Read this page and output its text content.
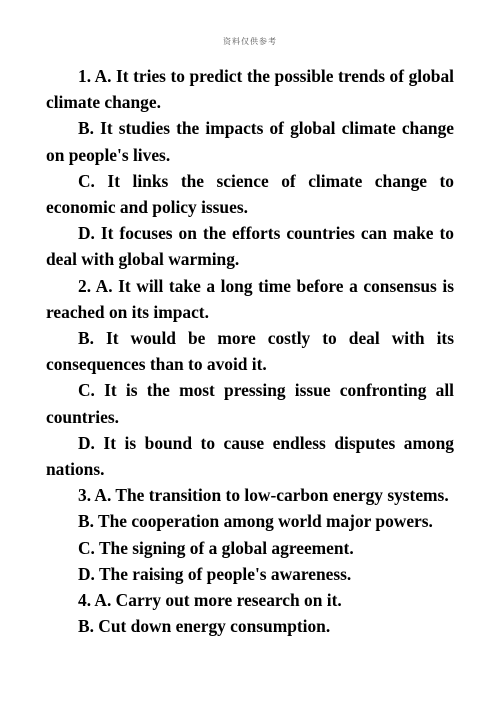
资料仅供参考

1. A. It tries to predict the possible trends of global climate change.

B. It studies the impacts of global climate change on people's lives.

C. It links the science of climate change to economic and policy issues.

D. It focuses on the efforts countries can make to deal with global warming.

2. A. It will take a long time before a consensus is reached on its impact.

B. It would be more costly to deal with its consequences than to avoid it.

C. It is the most pressing issue confronting all countries.

D. It is bound to cause endless disputes among nations.

3. A. The transition to low-carbon energy systems.

B. The cooperation among world major powers.

C. The signing of a global agreement.

D. The raising of people's awareness.

4. A. Carry out more research on it.

B. Cut down energy consumption.
